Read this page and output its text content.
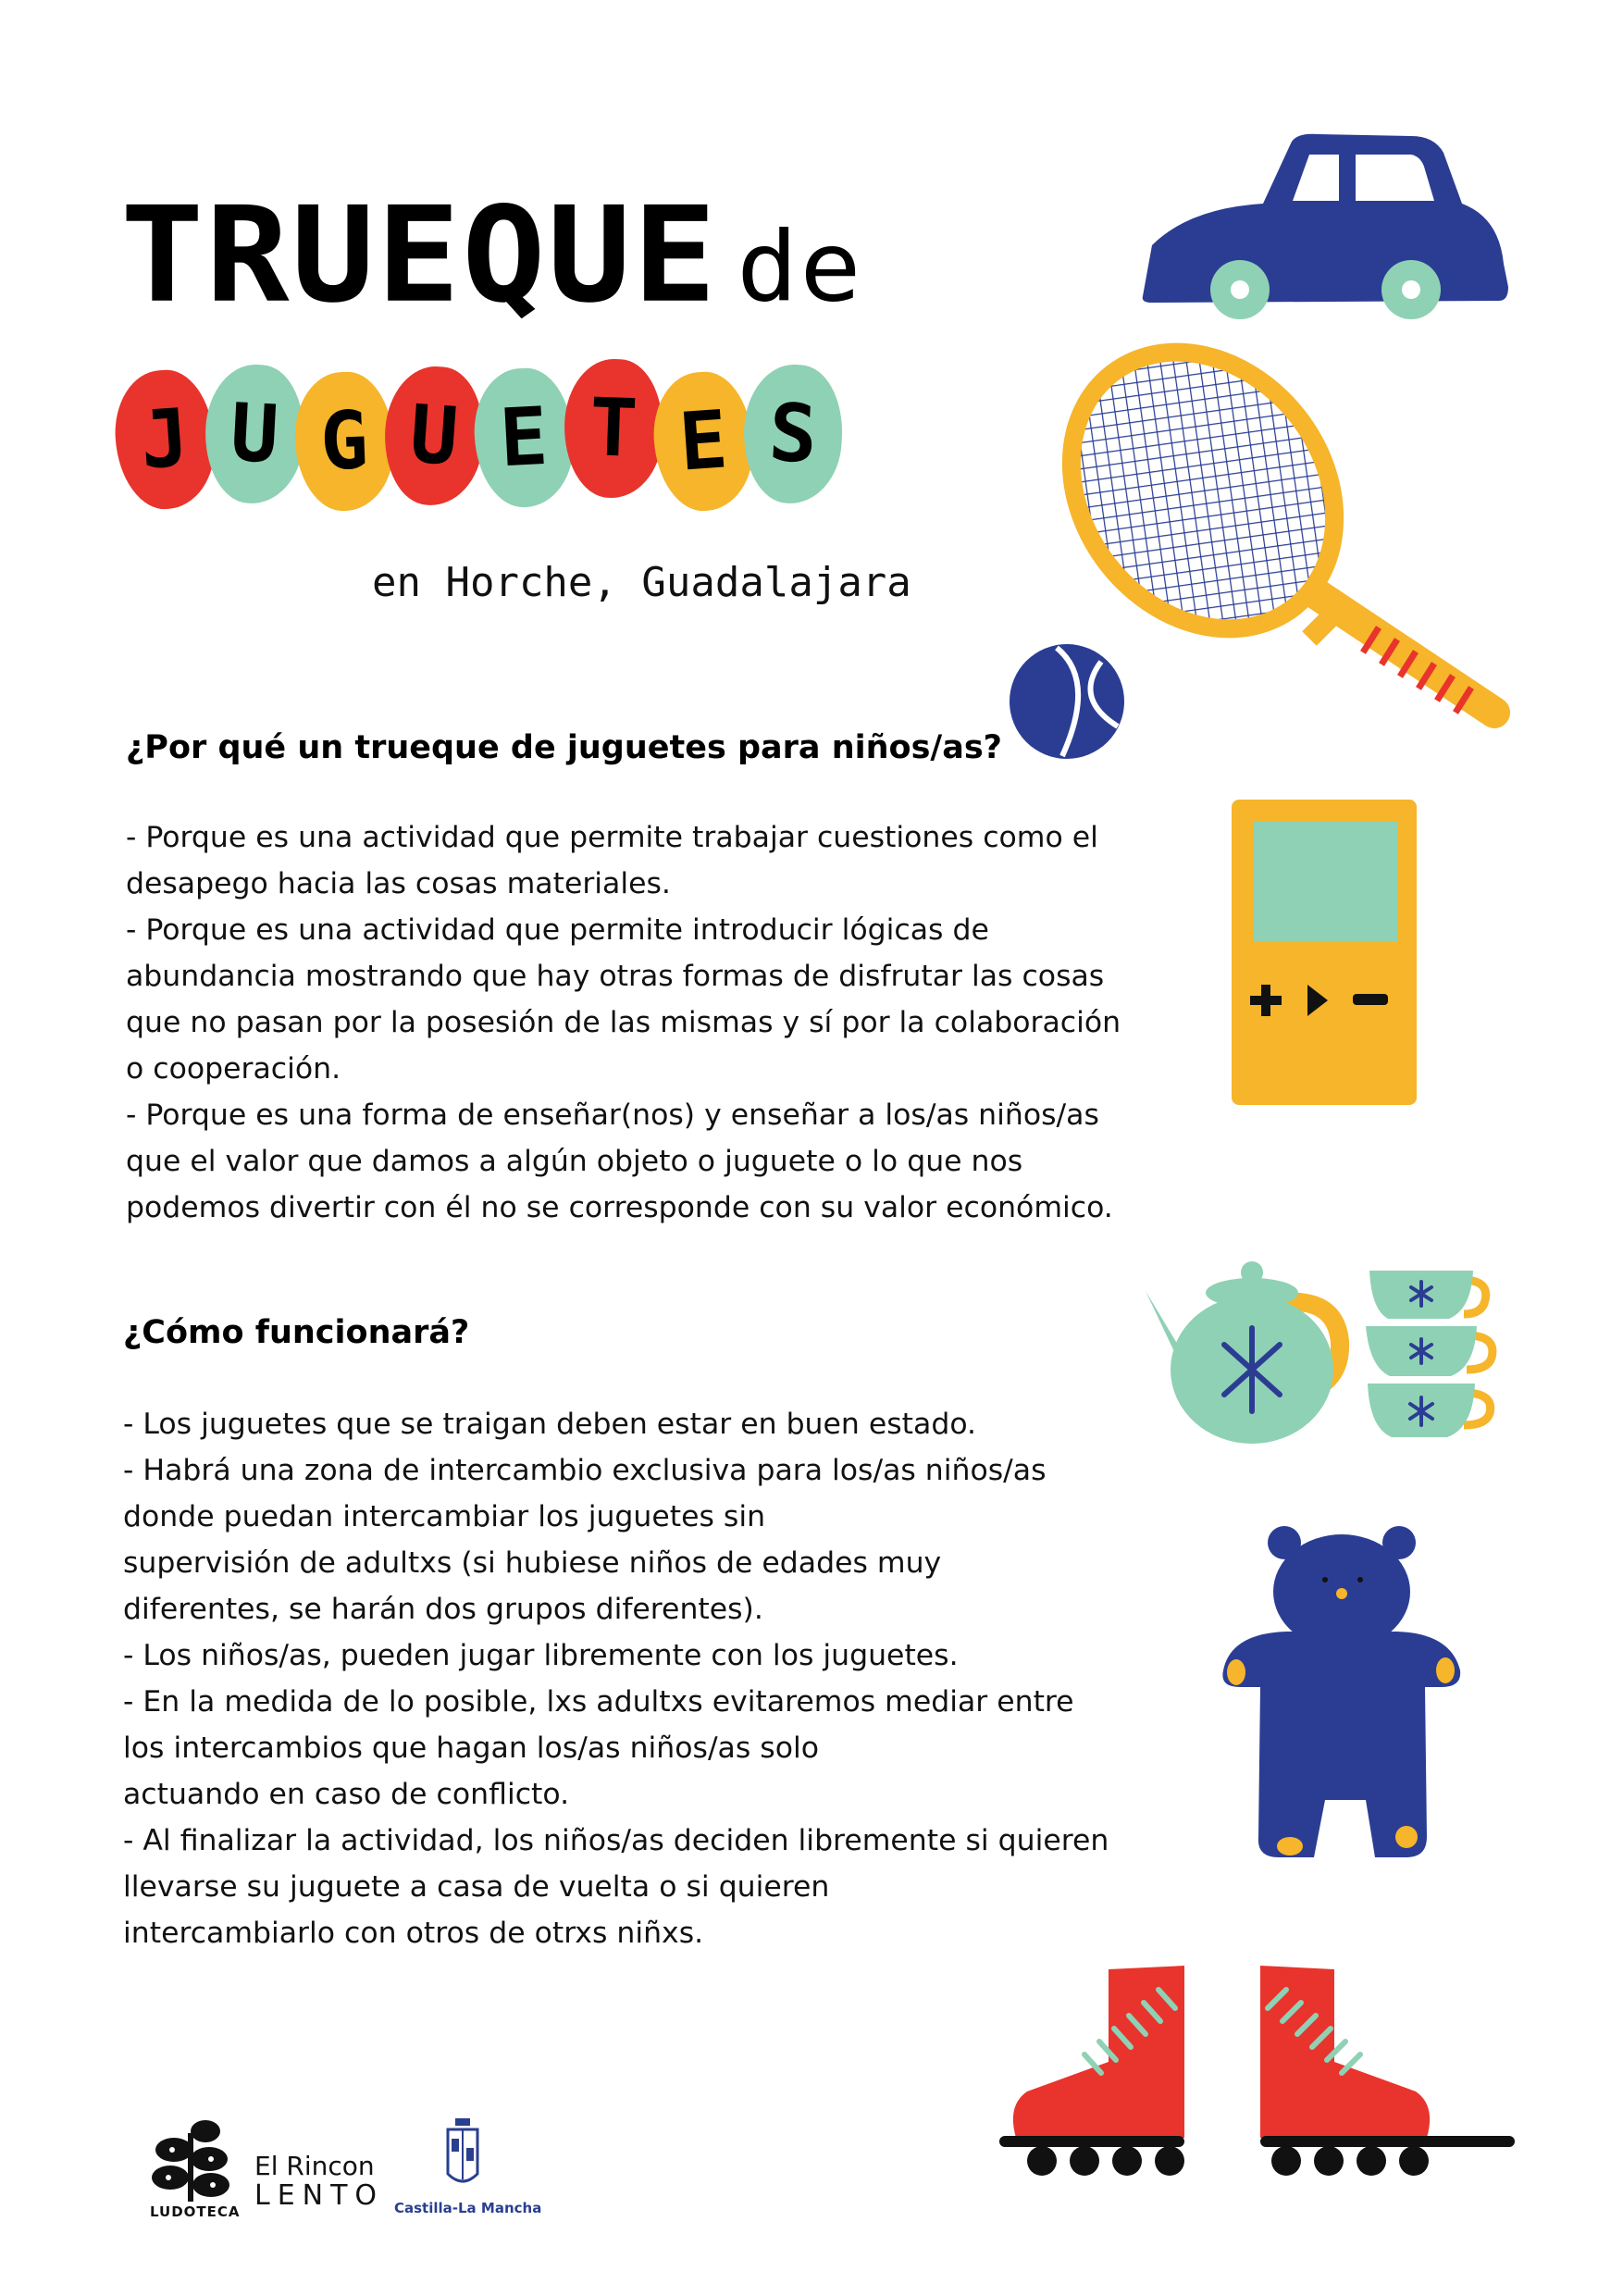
TRUEQUE de
J U G U E T E S
en Horche, Guadalajara
¿Por qué un trueque de juguetes para niños/as?
- Porque es una actividad que permite trabajar cuestiones como el
desapego hacia las cosas materiales.
- Porque es una actividad que permite introducir lógicas de
abundancia mostrando que hay otras formas de disfrutar las cosas
que no pasan por la posesión de las mismas y sí por la colaboración
o cooperación.
- Porque es una forma de enseñar(nos) y enseñar a los/as niños/as
que el valor que damos a algún objeto o juguete o lo que nos
podemos divertir con él no se corresponde con su valor económico.
¿Cómo funcionará?
- Los juguetes que se traigan deben estar en buen estado.
- Habrá una zona de intercambio exclusiva para los/as niños/as
donde puedan intercambiar los juguetes sin
supervisión de adultxs (si hubiese niños de edades muy
diferentes, se harán dos grupos diferentes).
- Los niños/as, pueden jugar libremente con los juguetes.
- En la medida de lo posible, lxs adultxs evitaremos mediar entre
los intercambios que hagan los/as niños/as solo
actuando en caso de conflicto.
- Al finalizar la actividad, los niños/as deciden libremente si quieren
llevarse su juguete a casa de vuelta o si quieren
intercambiarlo con otros de otrxs niñxs.
LUDOTECA
El Rincon
LENTO Castilla-La Mancha
